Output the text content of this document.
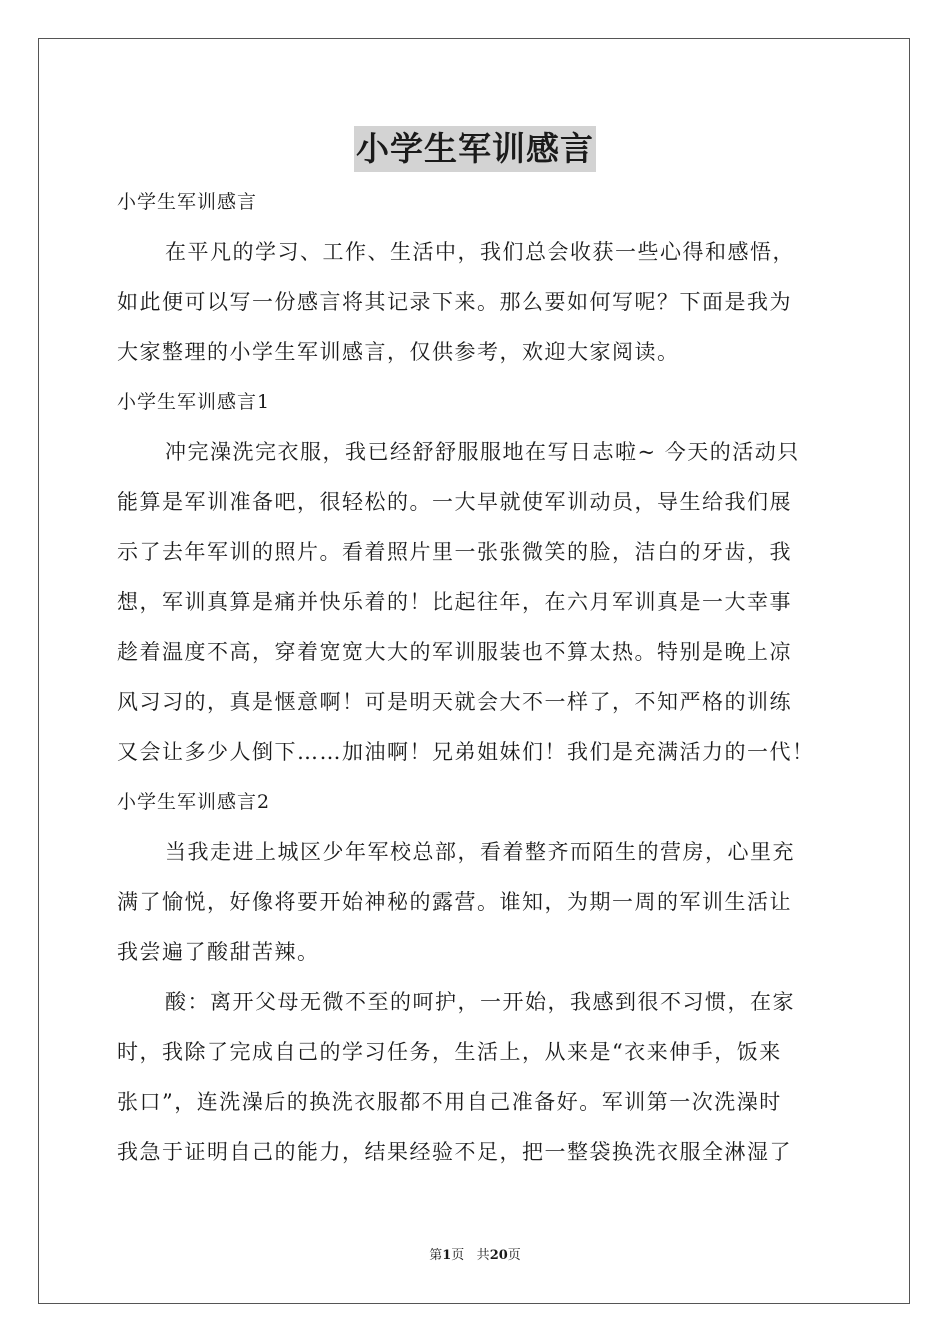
小学生军训感言
小学生军训感言
在平凡的学习、工作、生活中，我们总会收获一些心得和感悟，
如此便可以写一份感言将其记录下来。那么要如何写呢？下面是我为
大家整理的小学生军训感言，仅供参考，欢迎大家阅读。
小学生军训感言1
冲完澡洗完衣服，我已经舒舒服服地在写日志啦~ 今天的活动只
能算是军训准备吧，很轻松的。一大早就使军训动员，导生给我们展
示了去年军训的照片。看着照片里一张张微笑的脸，洁白的牙齿，我
想，军训真算是痛并快乐着的！比起往年，在六月军训真是一大幸事
趁着温度不高，穿着宽宽大大的军训服装也不算太热。特别是晚上凉
风习习的，真是惬意啊！可是明天就会大不一样了，不知严格的训练
又会让多少人倒下……加油啊！兄弟姐妹们！我们是充满活力的一代！
小学生军训感言2
当我走进上城区少年军校总部，看着整齐而陌生的营房，心里充
满了愉悦，好像将要开始神秘的露营。谁知，为期一周的军训生活让
我尝遍了酸甜苦辣。
酸：离开父母无微不至的呵护，一开始，我感到很不习惯，在家
时，我除了完成自己的学习任务，生活上，从来是“衣来伸手，饭来
张口”，连洗澡后的换洗衣服都不用自己准备好。军训第一次洗澡时
我急于证明自己的能力，结果经验不足，把一整袋换洗衣服全淋湿了
第1页 共20页
